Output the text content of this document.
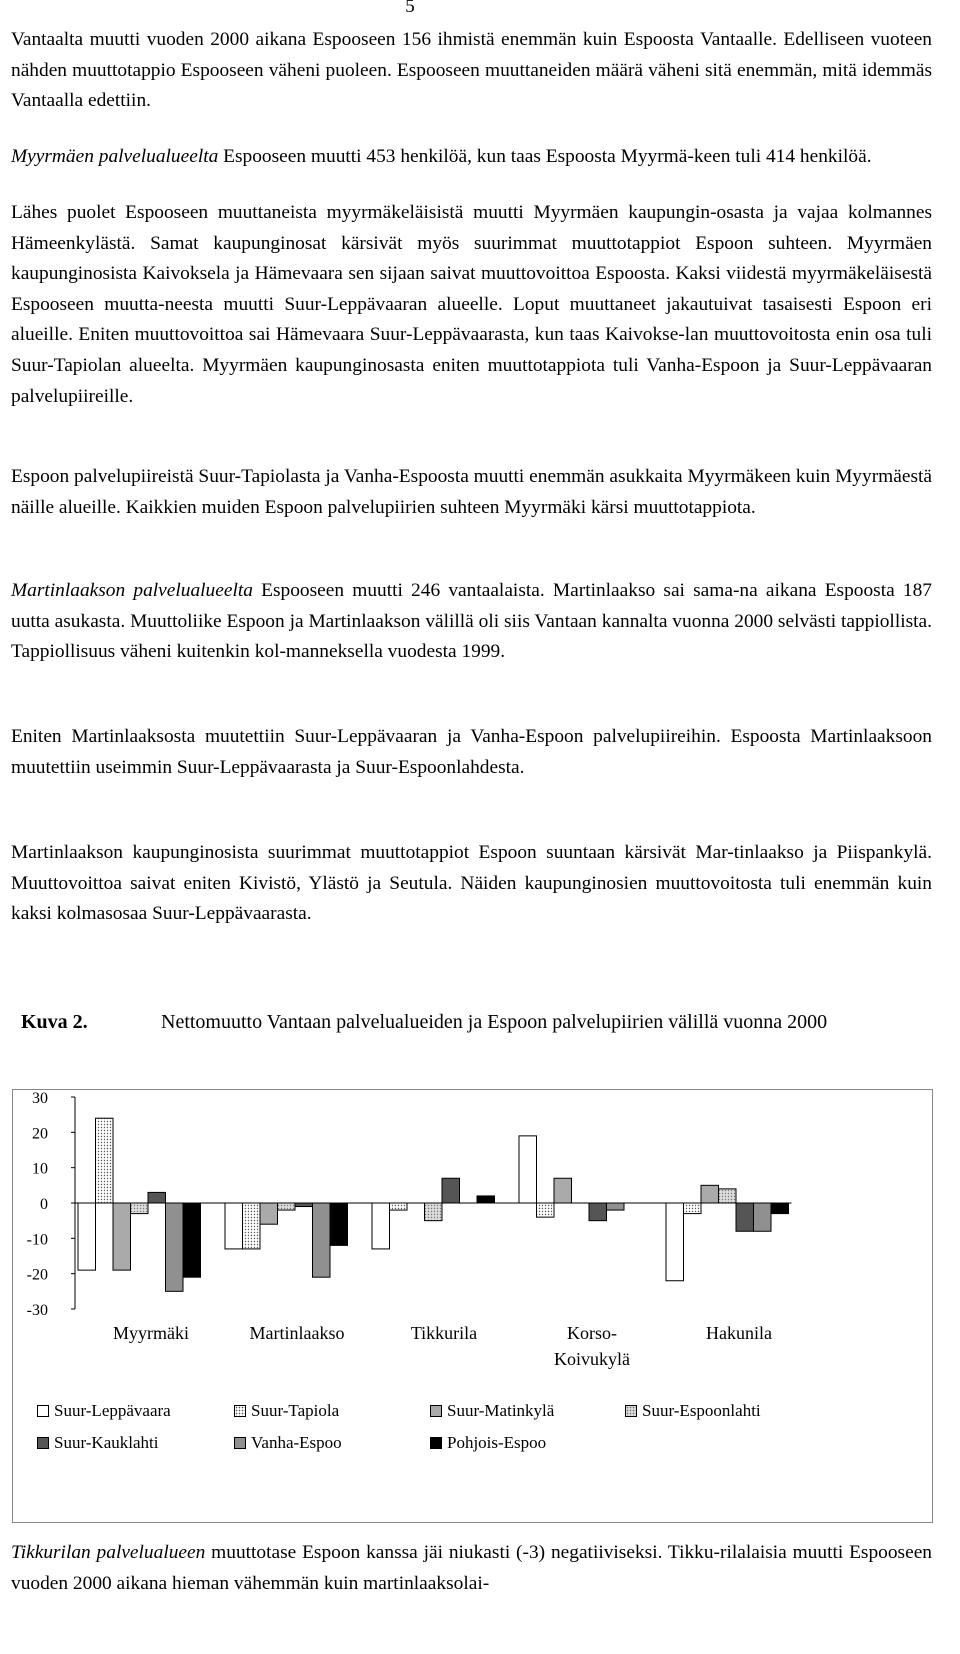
5

Vantaalta muutti vuoden 2000 aikana Espooseen 156 ihmistä enemmän kuin Espoosta Vantaalle. Edelliseen vuoteen nähden muuttotappio Espooseen väheni puoleen. Espooseen muuttaneiden määrä väheni sitä enemmän, mitä idemmäs Vantaalla edettiin.

Myyrmäen palvelualueelta Espooseen muutti 453 henkilöä, kun taas Espoosta Myyrmä-keen tuli 414 henkilöä.

Lähes puolet Espooseen muuttaneista myyrmäkeläisistä muutti Myyrmäen kaupungin-osasta ja vajaa kolmannes Hämeenkylästä. Samat kaupunginosat kärsivät myös suurimmat muuttotappiot Espoon suhteen. Myyrmäen kaupunginosista Kaivoksela ja Hämevaara sen sijaan saivat muuttovoittoa Espoosta. Kaksi viidestä myyrmäkeläisestä Espooseen muutta-neesta muutti Suur-Leppävaaran alueelle. Loput muuttaneet jakautuivat tasaisesti Espoon eri alueille. Eniten muuttovoittoa sai Hämevaara Suur-Leppävaarasta, kun taas Kaivokse-lan muuttovoitosta enin osa tuli Suur-Tapiolan alueelta. Myyrmäen kaupunginosasta eniten muuttotappiota tuli Vanha-Espoon ja Suur-Leppävaaran palvelupiireille.

Espoon palvelupiireistä Suur-Tapiolasta ja Vanha-Espoosta muutti enemmän asukkaita Myyrmäkeen kuin Myyrmäestä näille alueille. Kaikkien muiden Espoon palvelupiirien suhteen Myyrmäki kärsi muuttotappiota.

Martinlaakson palvelualueelta Espooseen muutti 246 vantaalaista. Martinlaakso sai sama-na aikana Espoosta 187 uutta asukasta. Muuttoliike Espoon ja Martinlaakson välillä oli siis Vantaan kannalta vuonna 2000 selvästi tappiollista. Tappiollisuus väheni kuitenkin kol-manneksella vuodesta 1999.

Eniten Martinlaaksosta muutettiin Suur-Leppävaaran ja Vanha-Espoon palvelupiireihin. Espoosta Martinlaaksoon muutettiin useimmin Suur-Leppävaarasta ja Suur-Espoonlahdesta.

Martinlaakson kaupunginosista suurimmat muuttotappiot Espoon suuntaan kärsivät Mar-tinlaakso ja Piispankylä. Muuttovoittoa saivat eniten Kivistö, Ylästö ja Seutula. Näiden kaupunginosien muuttovoitosta tuli enemmän kuin kaksi kolmasosaa Suur-Leppävaarasta.

Kuva 2.	Nettomuutto Vantaan palvelualueiden ja Espoon palvelupiirien välillä vuonna 2000
30
20
10
0
-10
-20
-30
Myyrmäki	Martinlaakso	Tikkurila	Korso-
Koivukylä
Hakunila
Suur-Leppävaara	Suur-Tapiola	Suur-Matinkylä	Suur-Espoonlahti
Suur-Kauklahti	Vanha-Espoo	Pohjois-Espoo

Tikkurilan palvelualueen muuttotase Espoon kanssa jäi niukasti (-3) negatiiviseksi. Tikku-rilalaisia muutti Espooseen vuoden 2000 aikana hieman vähemmän kuin martinlaaksolai-
